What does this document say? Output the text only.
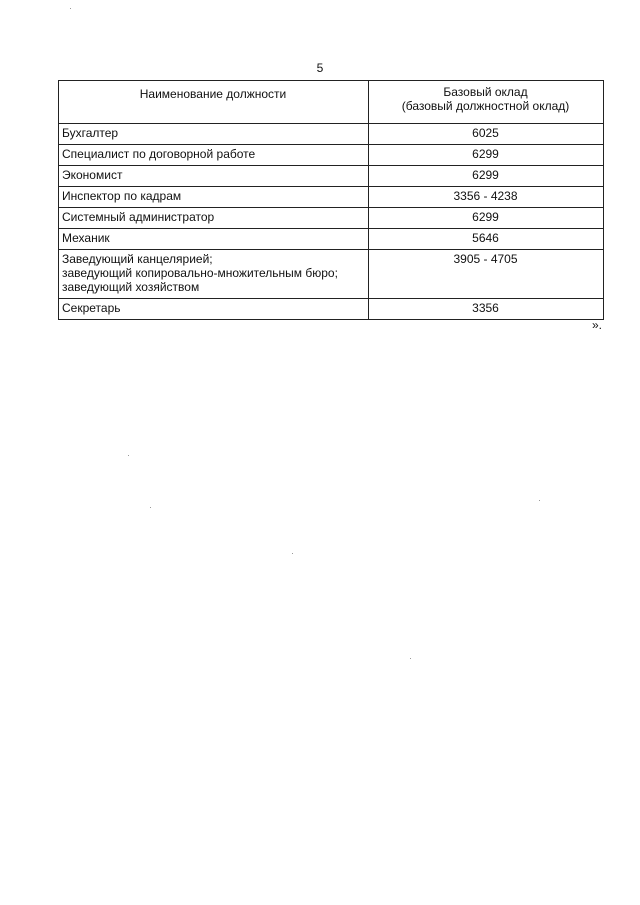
5
Наименование должности	Базовый оклад
(базовый должностной оклад)
Бухгалтер	6025
Специалист по договорной работе	6299
Экономист	6299
Инспектор по кадрам	3356 - 4238
Системный администратор	6299
Механик	5646
Заведующий канцелярией;
заведующий копировально-множительным бюро;
заведующий хозяйством	3905 - 4705
Секретарь	3356
».
